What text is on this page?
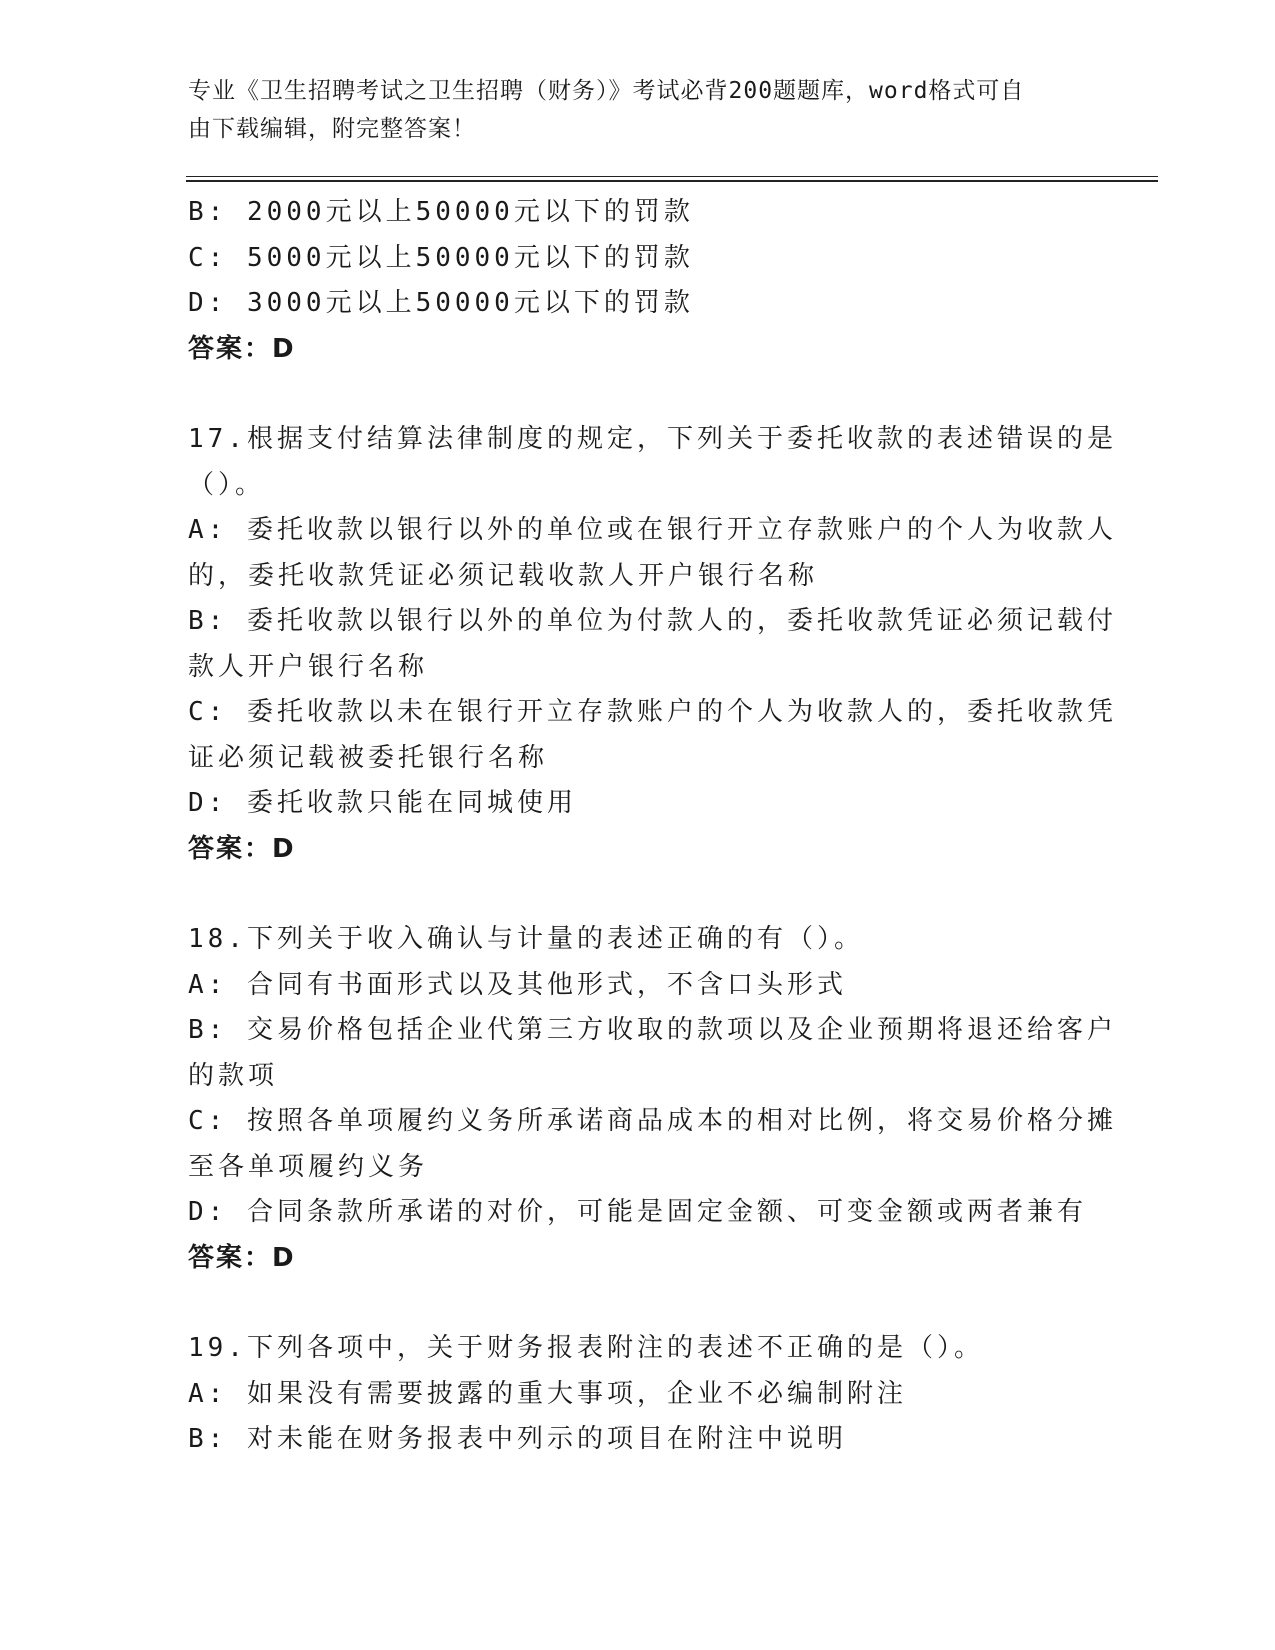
专业《卫生招聘考试之卫生招聘（财务）》考试必背200题题库，word格式可自
由下载编辑，附完整答案！
B: 2000元以上50000元以下的罚款
C: 5000元以上50000元以下的罚款
D: 3000元以上50000元以下的罚款
答案：D
17.根据支付结算法律制度的规定，下列关于委托收款的表述错误的是
（）。
A: 委托收款以银行以外的单位或在银行开立存款账户的个人为收款人
的，委托收款凭证必须记载收款人开户银行名称
B: 委托收款以银行以外的单位为付款人的，委托收款凭证必须记载付
款人开户银行名称
C: 委托收款以未在银行开立存款账户的个人为收款人的，委托收款凭
证必须记载被委托银行名称
D: 委托收款只能在同城使用
答案：D
18.下列关于收入确认与计量的表述正确的有（）。
A: 合同有书面形式以及其他形式，不含口头形式
B: 交易价格包括企业代第三方收取的款项以及企业预期将退还给客户
的款项
C: 按照各单项履约义务所承诺商品成本的相对比例，将交易价格分摊
至各单项履约义务
D: 合同条款所承诺的对价，可能是固定金额、可变金额或两者兼有
答案：D
19.下列各项中，关于财务报表附注的表述不正确的是（）。
A: 如果没有需要披露的重大事项，企业不必编制附注
B: 对未能在财务报表中列示的项目在附注中说明
